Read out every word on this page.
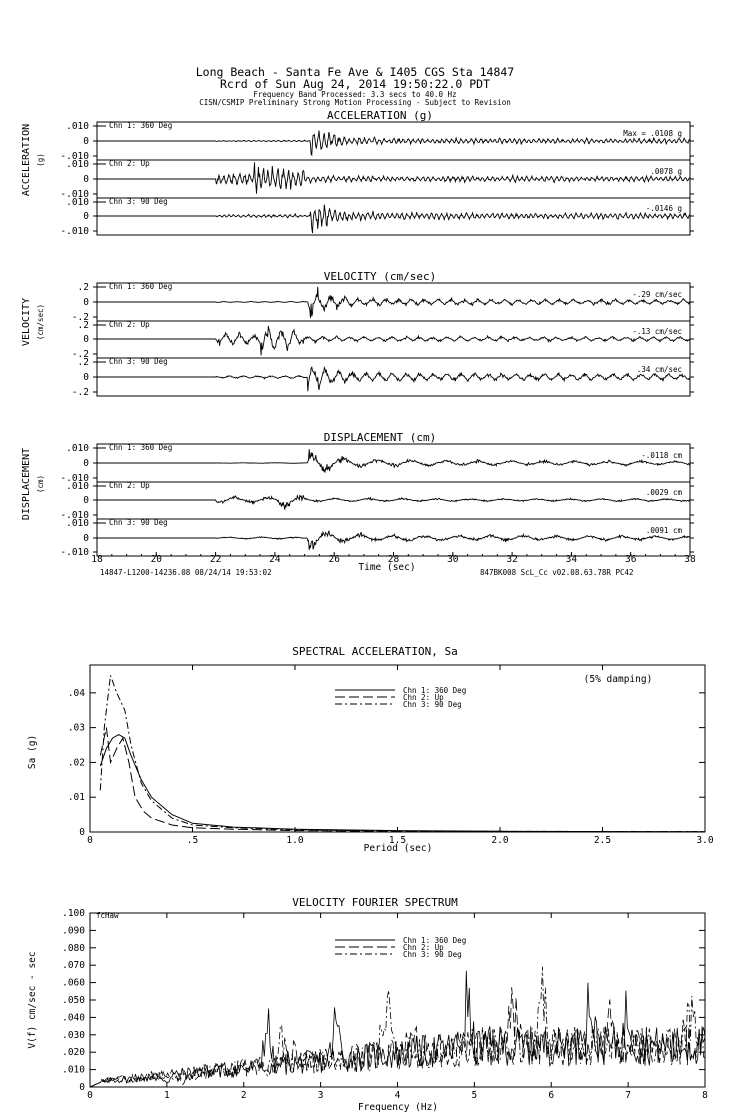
Long Beach - Santa Fe Ave & I405 CGS Sta 14847
Rcrd of Sun Aug 24, 2014 19:50:22.0 PDT
Frequency Band Processed: 3.3 secs to 40.0 Hz
CISN/CSMIP Preliminary Strong Motion Processing - Subject to Revision
ACCELERATION (g)
VELOCITY (cm/sec)
DISPLACEMENT (cm)
ACCELERATION (g)
VELOCITY (cm/sec)
DISPLACEMENT (cm)
.010
0
-.010
Chn 1: 360 Deg
Max = .0108 g
.010
0
-.010
Chn 2: Up
.0078 g
.010
0
-.010
Chn 3: 90 Deg
-.0146 g
.2
0
-.2
Chn 1: 360 Deg
-.29 cm/sec
.2
0
-.2
Chn 2: Up
-.13 cm/sec
.2
0
-.2
Chn 3: 90 Deg
.34 cm/sec
.010
0
-.010
Chn 1: 360 Deg
-.0118 cm
.010
0
-.010
Chn 2: Up
.0029 cm
.010
0
-.010
Chn 3: 90 Deg
.0091 cm
18	20	22	24	26	28	30	32	34	36	38
Time (sec)
14847-L1200-14236.08 08/24/14 19:53:02	847BK008 ScL_Cc v02.08.63.78R PC42
SPECTRAL ACCELERATION, Sa
(5% damping)
Sa (g)
Period (sec)
0	.5	1.0	1.5	2.0	2.5	3.0
0
.01
.02
.03
.04	Chn 1: 360 Deg
Chn 2: Up
Chn 3: 90 Deg
VELOCITY FOURIER SPECTRUM
fcHaw
V(f) cm/sec - sec
Frequency (Hz)
0	1	2	3	4	5	6	7	8
0
.010
.020
.030
.040
.050
.060
.070
.080
.090
.100
Chn 1: 360 Deg
Chn 2: Up
Chn 3: 90 Deg
